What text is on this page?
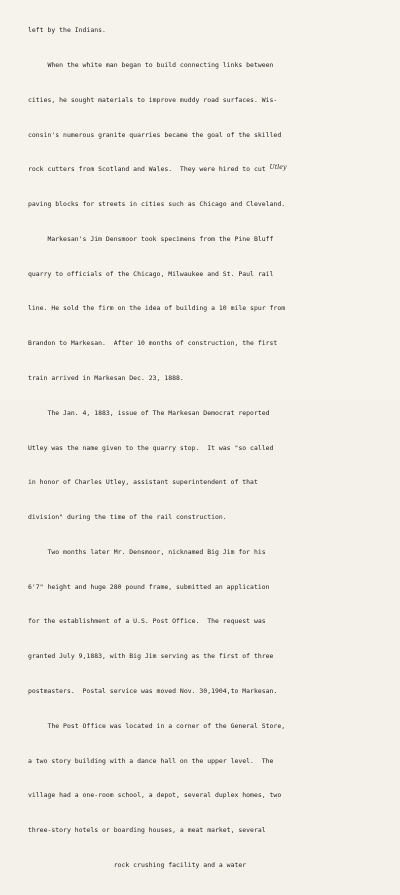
left by the Indians.

When the white man began to build connecting links between

cities, he sought materials to improve muddy road surfaces. Wis-

consin's numerous granite quarries became the goal of the skilled

rock cutters from Scotland and Wales.  They were hired to cut Utley

paving blocks for streets in cities such as Chicago and Cleveland.

Markesan's Jim Densmoor took specimens from the Pine Bluff

quarry to officials of the Chicago, Milwaukee and St. Paul rail

line. He sold the firm on the idea of building a 10 mile spur from

Brandon to Markesan.  After 10 months of construction, the first

train arrived in Markesan Dec. 23, 1888.

The Jan. 4, 1883, issue of The Markesan Democrat reported

Utley was the name given to the quarry stop.  It was "so called

in honor of Charles Utley, assistant superintendent of that

division" during the time of the rail construction.

Two months later Mr. Densmoor, nicknamed Big Jim for his

6'7" height and huge 280 pound frame, submitted an application

for the establishment of a U.S. Post Office.  The request was

granted July 9,1883, with Big Jim serving as the first of three

postmasters.  Postal service was moved Nov. 30,1904,to Markesan.

The Post Office was located in a corner of the General Store,

a two story building with a dance hall on the upper level.  The

village had a one-room school, a depot, several duplex homes, two

three-story hotels or boarding houses, a meat market, several

rock crushing facility and a water
